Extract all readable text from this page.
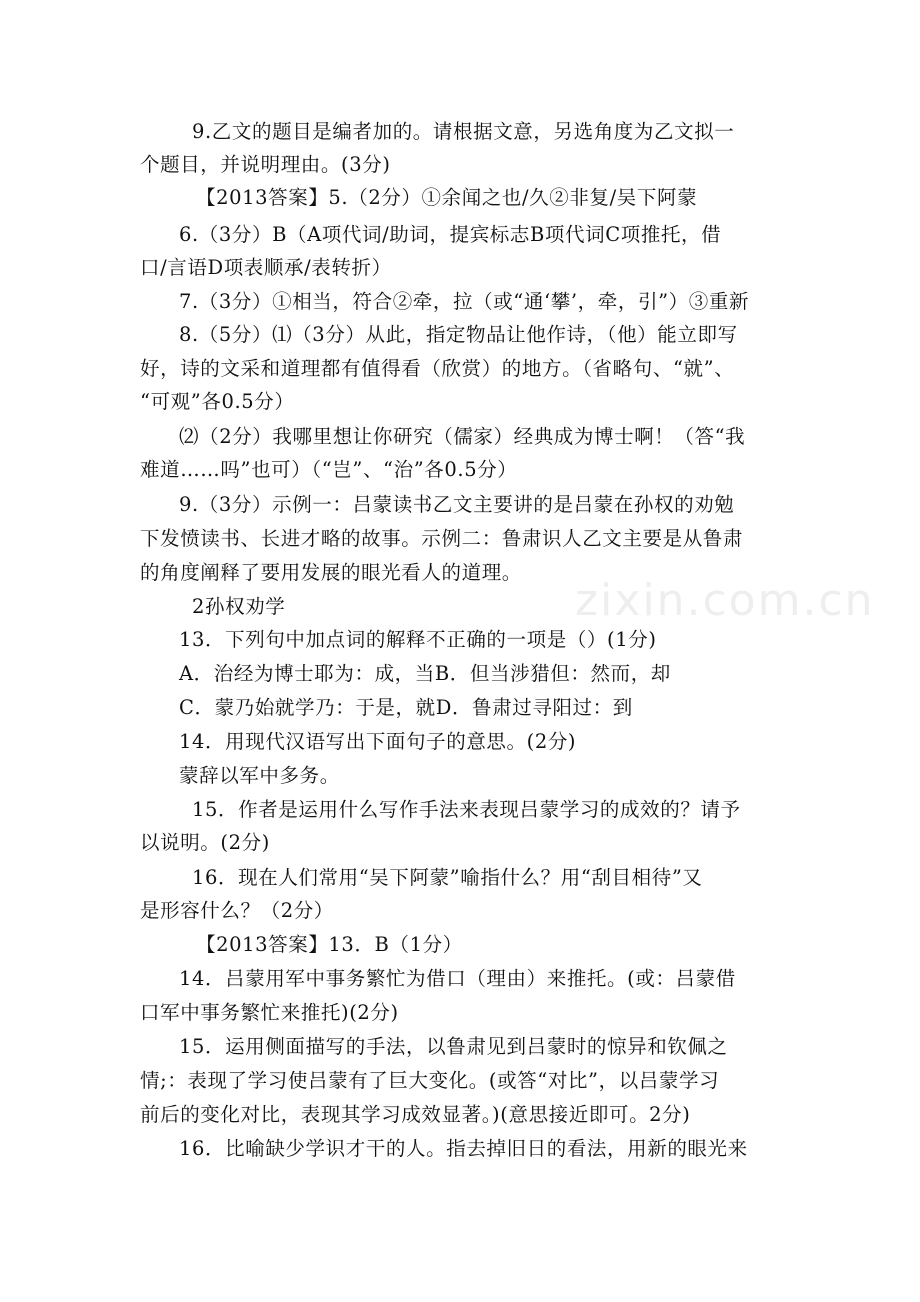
zixin.com.cn
9.乙文的题目是编者加的。请根据文意，另选角度为乙文拟一
个题目，并说明理由。(3分)
【2013答案】5.（2分）①余闻之也/久②非复/吴下阿蒙
6.（3分）B（A项代词/助词，提宾标志B项代词C项推托，借
口/言语D项表顺承/表转折）
7.（3分）①相当，符合②牵，拉（或“通‘攀’，牵，引”）③重新
8.（5分）⑴（3分）从此，指定物品让他作诗，（他）能立即写
好，诗的文采和道理都有值得看（欣赏）的地方。（省略句、“就”、
“可观”各0.5分）
⑵（2分）我哪里想让你研究（儒家）经典成为博士啊！（答“我
难道……吗”也可）（“岂”、“治”各0.5分）
9.（3分）示例一：吕蒙读书乙文主要讲的是吕蒙在孙权的劝勉
下发愤读书、长进才略的故事。示例二：鲁肃识人乙文主要是从鲁肃
的角度阐释了要用发展的眼光看人的道理。
2孙权劝学
13．下列句中加点词的解释不正确的一项是（）(1分)
A．治经为博士耶为：成，当B．但当涉猎但：然而，却
C．蒙乃始就学乃：于是，就D．鲁肃过寻阳过：到
14．用现代汉语写出下面句子的意思。(2分)
蒙辞以军中多务。
15．作者是运用什么写作手法来表现吕蒙学习的成效的？请予
以说明。(2分)
16．现在人们常用“吴下阿蒙”喻指什么？用“刮目相待”又
是形容什么？（2分）
【2013答案】13．B（1分）
14．吕蒙用军中事务繁忙为借口（理由）来推托。(或：吕蒙借
口军中事务繁忙来推托)(2分)
15．运用侧面描写的手法，以鲁肃见到吕蒙时的惊异和钦佩之
情;：表现了学习使吕蒙有了巨大变化。(或答“对比”，以吕蒙学习
前后的变化对比，表现其学习成效显著。)(意思接近即可。2分)
16．比喻缺少学识才干的人。指去掉旧日的看法，用新的眼光来
